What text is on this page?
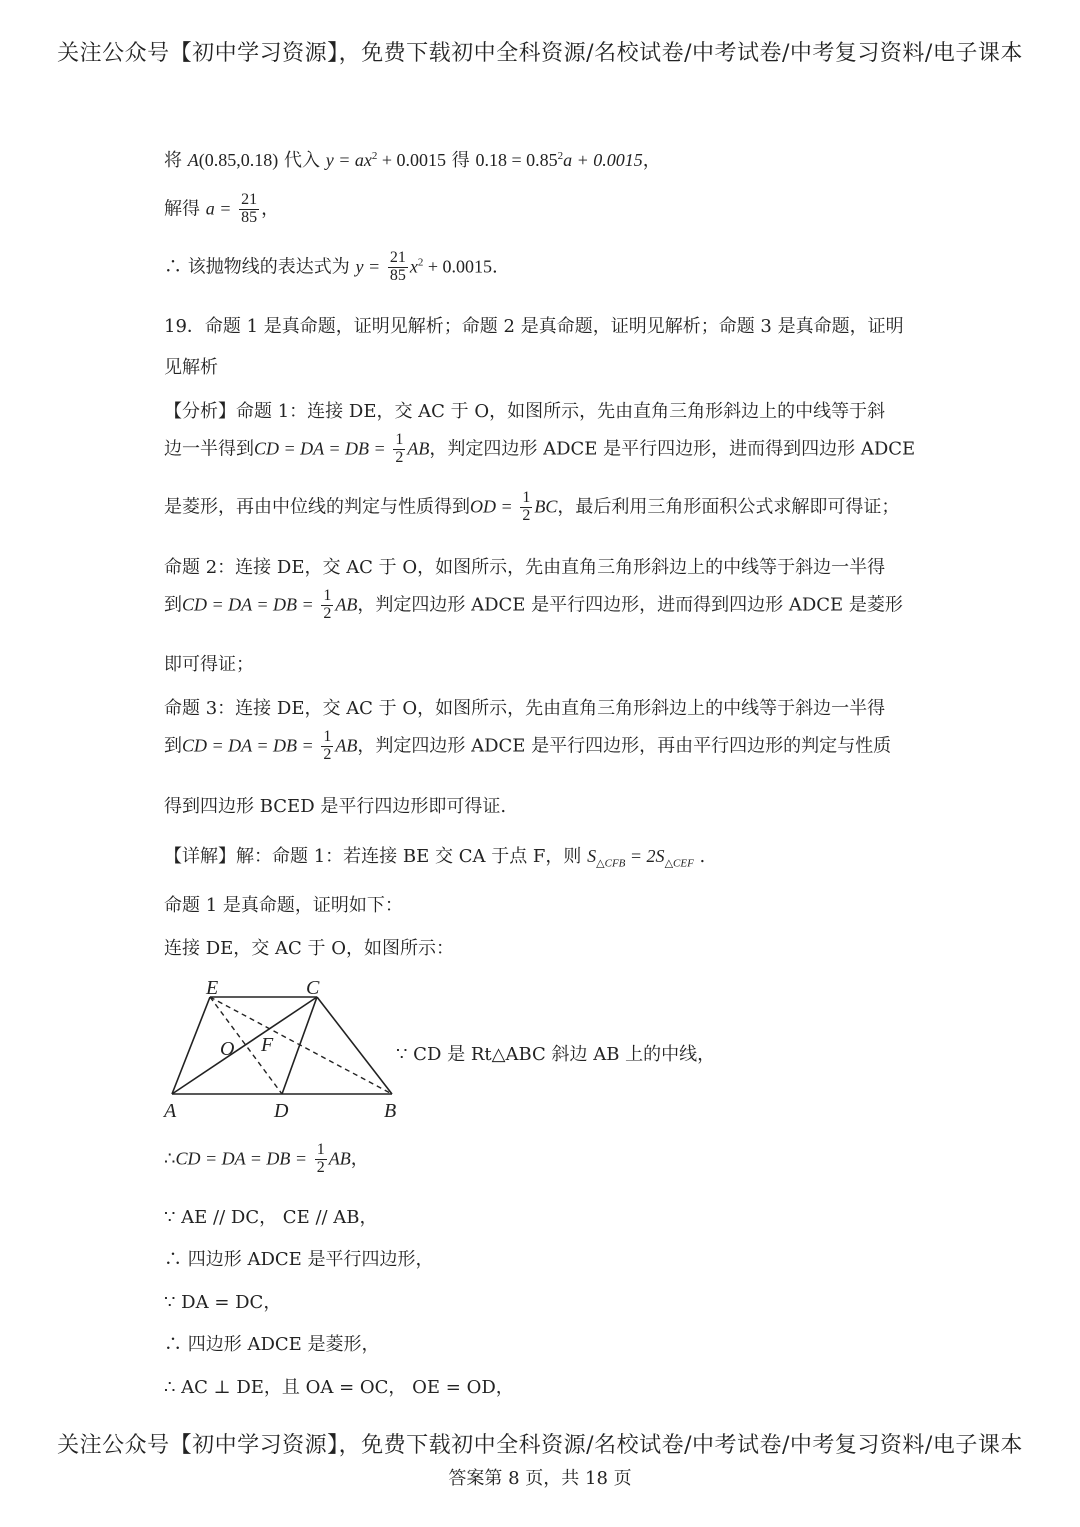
关注公众号【初中学习资源】，免费下载初中全科资源/名校试卷/中考试卷/中考复习资料/电子课本
将 A(0.85,0.18) 代入 $y = ax^2 + 0.0015$ 得 $0.18 = 0.85^2a + 0.0015$，
解得 $a = \frac{21}{85}$ ，
∴ 该抛物线的表达式为 $y = \frac{21}{85} x^2 + 0.0015$.
19．命题 1 是真命题，证明见解析；命题 2 是真命题，证明见解析；命题 3 是真命题，证明
见解析
【分析】命题 1：连接 DE，交 AC 于 O，如图所示，先由直角三角形斜边上的中线等于斜
边一半得到CD = DA = DB = $\frac{1}{2}$ AB，判定四边形 ADCE 是平行四边形，进而得到四边形 ADCE
是菱形，再由中位线的判定与性质得到OD = $\frac{1}{2}$ BC，最后利用三角形面积公式求解即可得证；
命题 2：连接 DE，交 AC 于 O，如图所示，先由直角三角形斜边上的中线等于斜边一半得
到CD = DA = DB = $\frac{1}{2}$ AB，判定四边形 ADCE 是平行四边形，进而得到四边形 ADCE 是菱形
即可得证；
命题 3：连接 DE，交 AC 于 O，如图所示，先由直角三角形斜边上的中线等于斜边一半得
到CD = DA = DB = $\frac{1}{2}$ AB，判定四边形 ADCE 是平行四边形，再由平行四边形的判定与性质
得到四边形 BCED 是平行四边形即可得证.
【详解】解：命题 1：若连接 BE 交 CA 于点 F，则 $S_{\triangle CFB} = 2S_{\triangle CEF}$ .
命题 1 是真命题，证明如下：
连接 DE，交 AC 于 O，如图所示：
E	C
O F
A	D	B
∵ CD 是 Rt△ABC 斜边 AB 上的中线，
∴CD = DA = DB = $\frac{1}{2}$ AB，
∵ AE // DC， CE // AB，
∴ 四边形 ADCE 是平行四边形，
∵ DA = DC，
∴ 四边形 ADCE 是菱形，
∴ AC ⊥ DE，且 OA = OC， OE = OD，
关注公众号【初中学习资源】，免费下载初中全科资源/名校试卷/中考试卷/中考复习资料/电子课本
答案第 8 页，共 18 页
